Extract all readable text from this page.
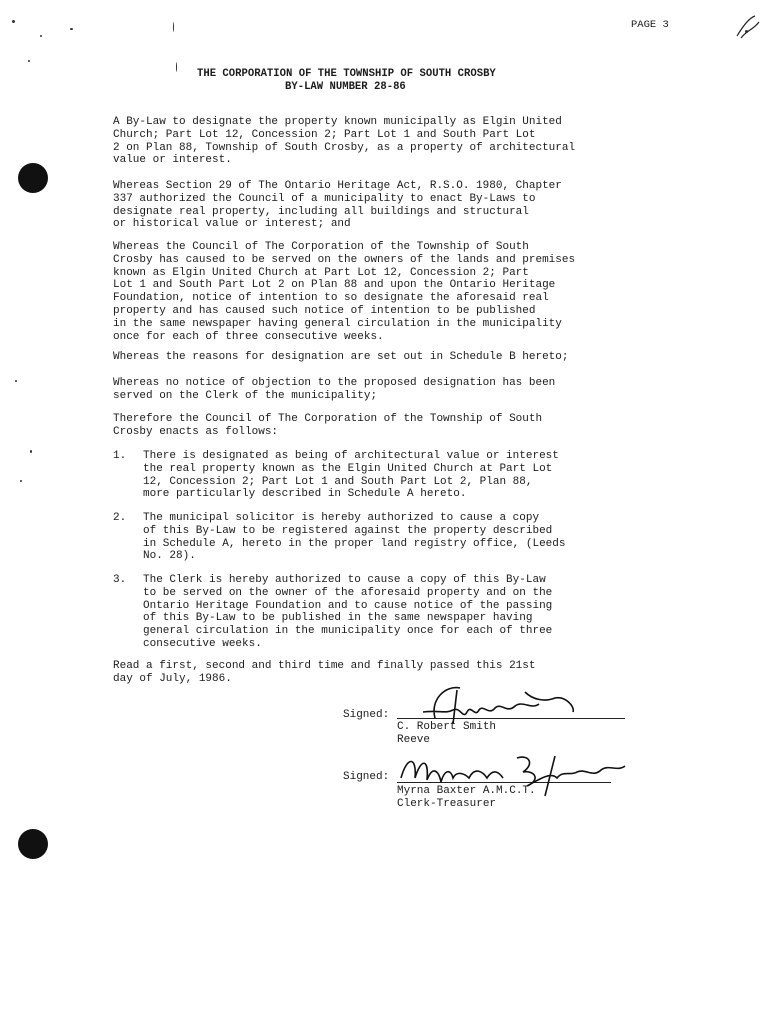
PAGE 3
THE CORPORATION OF THE TOWNSHIP OF SOUTH CROSBY
BY-LAW NUMBER 28-86
A By-Law to designate the property known municipally as Elgin United
Church; Part Lot 12, Concession 2; Part Lot 1 and South Part Lot
2 on Plan 88, Township of South Crosby, as a property of architectural
value or interest.
Whereas Section 29 of The Ontario Heritage Act, R.S.O. 1980, Chapter
337 authorized the Council of a municipality to enact By-Laws to
designate real property, including all buildings and structural
or historical value or interest; and
Whereas the Council of The Corporation of the Township of South
Crosby has caused to be served on the owners of the lands and premises
known as Elgin United Church at Part Lot 12, Concession 2; Part
Lot 1 and South Part Lot 2 on Plan 88 and upon the Ontario Heritage
Foundation, notice of intention to so designate the aforesaid real
property and has caused such notice of intention to be published
in the same newspaper having general circulation in the municipality
once for each of three consecutive weeks.
Whereas the reasons for designation are set out in Schedule B hereto;
Whereas no notice of objection to the proposed designation has been
served on the Clerk of the municipality;
Therefore the Council of The Corporation of the Township of South
Crosby enacts as follows:

1.

There is designated as being of architectural value or interest
the real property known as the Elgin United Church at Part Lot
12, Concession 2; Part Lot 1 and South Part Lot 2, Plan 88,
more particularly described in Schedule A hereto.

2.

The municipal solicitor is hereby authorized to cause a copy
of this By-Law to be registered against the property described
in Schedule A, hereto in the proper land registry office, (Leeds
No. 28).

3.

The Clerk is hereby authorized to cause a copy of this By-Law
to be served on the owner of the aforesaid property and on the
Ontario Heritage Foundation and to cause notice of the passing
of this By-Law to be published in the same newspaper having
general circulation in the municipality once for each of three
consecutive weeks.

Read a first, second and third time and finally passed this 21st
day of July, 1986.
Signed:
C. Robert Smith
Reeve
Signed:
Myrna Baxter A.M.C.T.
Clerk-Treasurer
